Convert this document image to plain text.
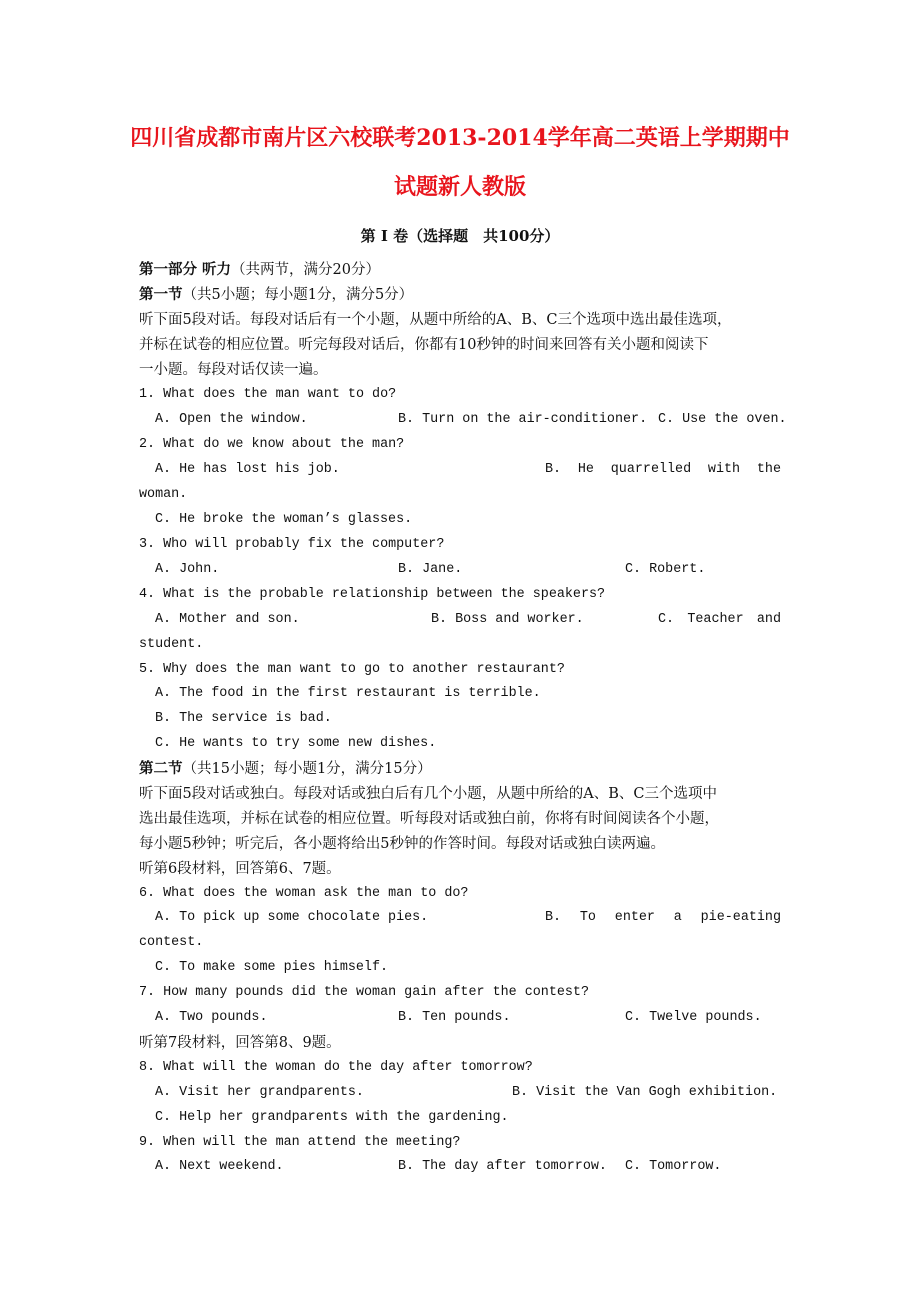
四川省成都市南片区六校联考2013-2014学年高二英语上学期期中
试题新人教版
第 I 卷（选择题　共100分）
第一部分 听力（共两节，满分20分）
第一节（共5小题；每小题1分，满分5分）
听下面5段对话。每段对话后有一个小题，从题中所给的A、B、C三个选项中选出最佳选项，
并标在试卷的相应位置。听完每段对话后，你都有10秒钟的时间来回答有关小题和阅读下
一小题。每段对话仅读一遍。
1. What does the man want to do?
A. Open the window.	B. Turn on the air-conditioner. C. Use the oven.
2. What do we know about the man?
A. He has lost his job.	B. He quarrelled with the
woman.
C. He broke the woman’s glasses.
3. Who will probably fix the computer?
A. John.	B. Jane.	C. Robert.
4. What is the probable relationship between the speakers?
A. Mother and son.	B. Boss and worker.	C. Teacher and
student.
5. Why does the man want to go to another restaurant?
A. The food in the first restaurant is terrible.
B. The service is bad.
C. He wants to try some new dishes.
第二节（共15小题；每小题1分，满分15分）
听下面5段对话或独白。每段对话或独白后有几个小题，从题中所给的A、B、C三个选项中
选出最佳选项，并标在试卷的相应位置。听每段对话或独白前，你将有时间阅读各个小题，
每小题5秒钟；听完后，各小题将给出5秒钟的作答时间。每段对话或独白读两遍。
听第6段材料，回答第6、7题。
6. What does the woman ask the man to do?
A. To pick up some chocolate pies.	B. To enter a pie-eating
contest.
C. To make some pies himself.
7. How many pounds did the woman gain after the contest?
A. Two pounds.	B. Ten pounds.	C. Twelve pounds.
听第7段材料，回答第8、9题。
8. What will the woman do the day after tomorrow?
A. Visit her grandparents.	B. Visit the Van Gogh exhibition.
C. Help her grandparents with the gardening.
9. When will the man attend the meeting?
A. Next weekend.	B. The day after tomorrow. C. Tomorrow.
